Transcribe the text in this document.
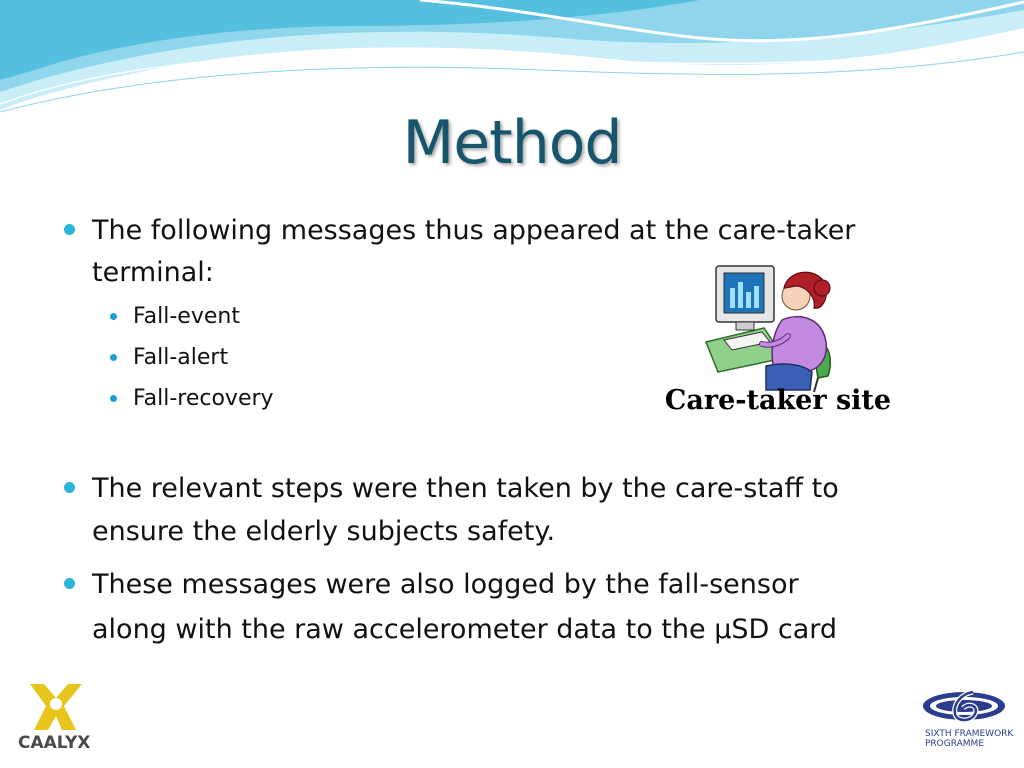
Method
The following messages thus appeared at the care-taker
terminal:
Fall-event
Fall-alert
Fall-recovery
The relevant steps were then taken by the care-staff to
ensure the elderly subjects safety.
These messages were also logged by the fall-sensor
along with the raw accelerometer data to the μSD card
Care-taker site
CAALYX	SIXTH FRAMEWORK
PROGRAMME
